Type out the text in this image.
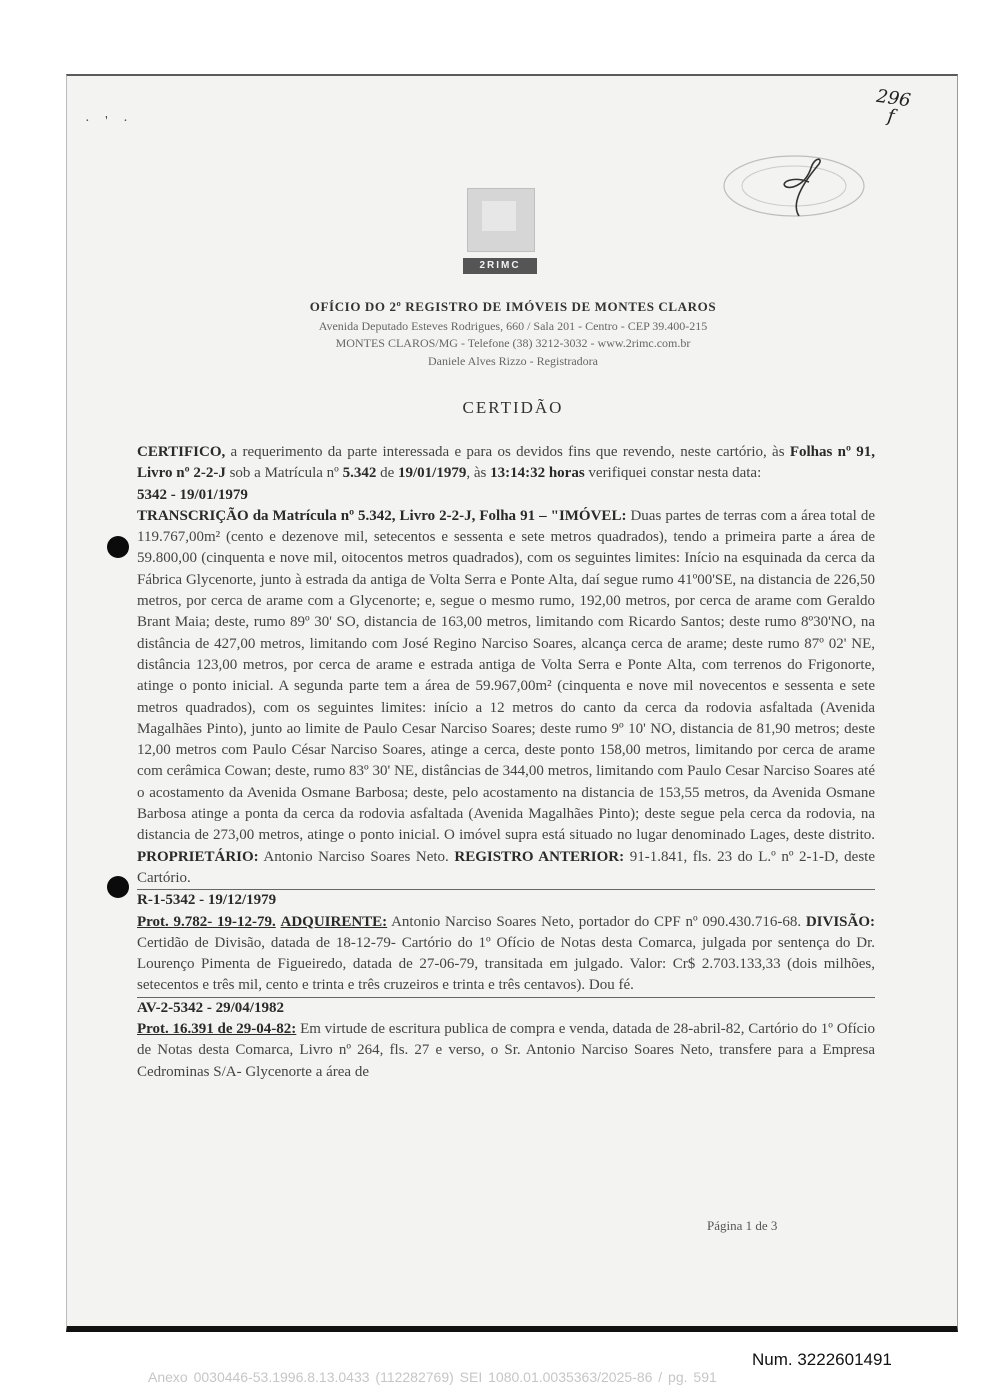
· ' ·
296
f
2RIMC
OFÍCIO DO 2º REGISTRO DE IMÓVEIS DE MONTES CLAROS
Avenida Deputado Esteves Rodrigues, 660 / Sala 201 - Centro - CEP 39.400-215
MONTES CLAROS/MG - Telefone (38) 3212-3032 - www.2rimc.com.br
Daniele Alves Rizzo - Registradora
CERTIDÃO

CERTIFICO, a requerimento da parte interessada e para os devidos fins que revendo, neste cartório, às Folhas nº 91, Livro nº 2-2-J sob a Matrícula nº 5.342 de 19/01/1979, às 13:14:32 horas verifiquei constar nesta data:

5342 - 19/01/1979

TRANSCRIÇÃO da Matrícula nº 5.342, Livro 2-2-J, Folha 91 – "IMÓVEL: Duas partes de terras com a área total de 119.767,00m² (cento e dezenove mil, setecentos e sessenta e sete metros quadrados), tendo a primeira parte a área de 59.800,00 (cinquenta e nove mil, oitocentos metros quadrados), com os seguintes limites: Início na esquinada da cerca da Fábrica Glycenorte, junto à estrada da antiga de Volta Serra e Ponte Alta, daí segue rumo 41º00'SE, na distancia de 226,50 metros, por cerca de arame com a Glycenorte; e, segue o mesmo rumo, 192,00 metros, por cerca de arame com Geraldo Brant Maia; deste, rumo 89º 30' SO, distancia de 163,00 metros, limitando com Ricardo Santos; deste rumo 8º30'NO, na distância de 427,00 metros, limitando com José Regino Narciso Soares, alcança cerca de arame; deste rumo 87º 02' NE, distância 123,00 metros, por cerca de arame e estrada antiga de Volta Serra e Ponte Alta, com terrenos do Frigonorte, atinge o ponto inicial. A segunda parte tem a área de 59.967,00m² (cinquenta e nove mil novecentos e sessenta e sete metros quadrados), com os seguintes limites: início a 12 metros do canto da cerca da rodovia asfaltada (Avenida Magalhães Pinto), junto ao limite de Paulo Cesar Narciso Soares; deste rumo 9º 10' NO, distancia de 81,90 metros; deste 12,00 metros com Paulo César Narciso Soares, atinge a cerca, deste ponto 158,00 metros, limitando por cerca de arame com cerâmica Cowan; deste, rumo 83º 30' NE, distâncias de 344,00 metros, limitando com Paulo Cesar Narciso Soares até o acostamento da Avenida Osmane Barbosa; deste, pelo acostamento na distancia de 153,55 metros, da Avenida Osmane Barbosa atinge a ponta da cerca da rodovia asfaltada (Avenida Magalhães Pinto); deste segue pela cerca da rodovia, na distancia de 273,00 metros, atinge o ponto inicial. O imóvel supra está situado no lugar denominado Lages, deste distrito. PROPRIETÁRIO: Antonio Narciso Soares Neto. REGISTRO ANTERIOR: 91-1.841, fls. 23 do L.º nº 2-1-D, deste Cartório.

R-1-5342 - 19/12/1979

Prot. 9.782- 19-12-79. ADQUIRENTE: Antonio Narciso Soares Neto, portador do CPF nº 090.430.716-68. DIVISÃO: Certidão de Divisão, datada de 18-12-79- Cartório do 1º Ofício de Notas desta Comarca, julgada por sentença do Dr. Lourenço Pimenta de Figueiredo, datada de 27-06-79, transitada em julgado. Valor: Cr$ 2.703.133,33 (dois milhões, setecentos e três mil, cento e trinta e três cruzeiros e trinta e três centavos). Dou fé.

AV-2-5342 - 29/04/1982

Prot. 16.391 de 29-04-82: Em virtude de escritura publica de compra e venda, datada de 28-abril-82, Cartório do 1º Ofício de Notas desta Comarca, Livro nº 264, fls. 27 e verso, o Sr. Antonio Narciso Soares Neto, transfere para a Empresa Cedrominas S/A- Glycenorte a área de

Página 1 de 3
Num. 3222601491
Anexo 0030446-53.1996.8.13.0433 (112282769) SEI 1080.01.0035363/2025-86 / pg. 591
